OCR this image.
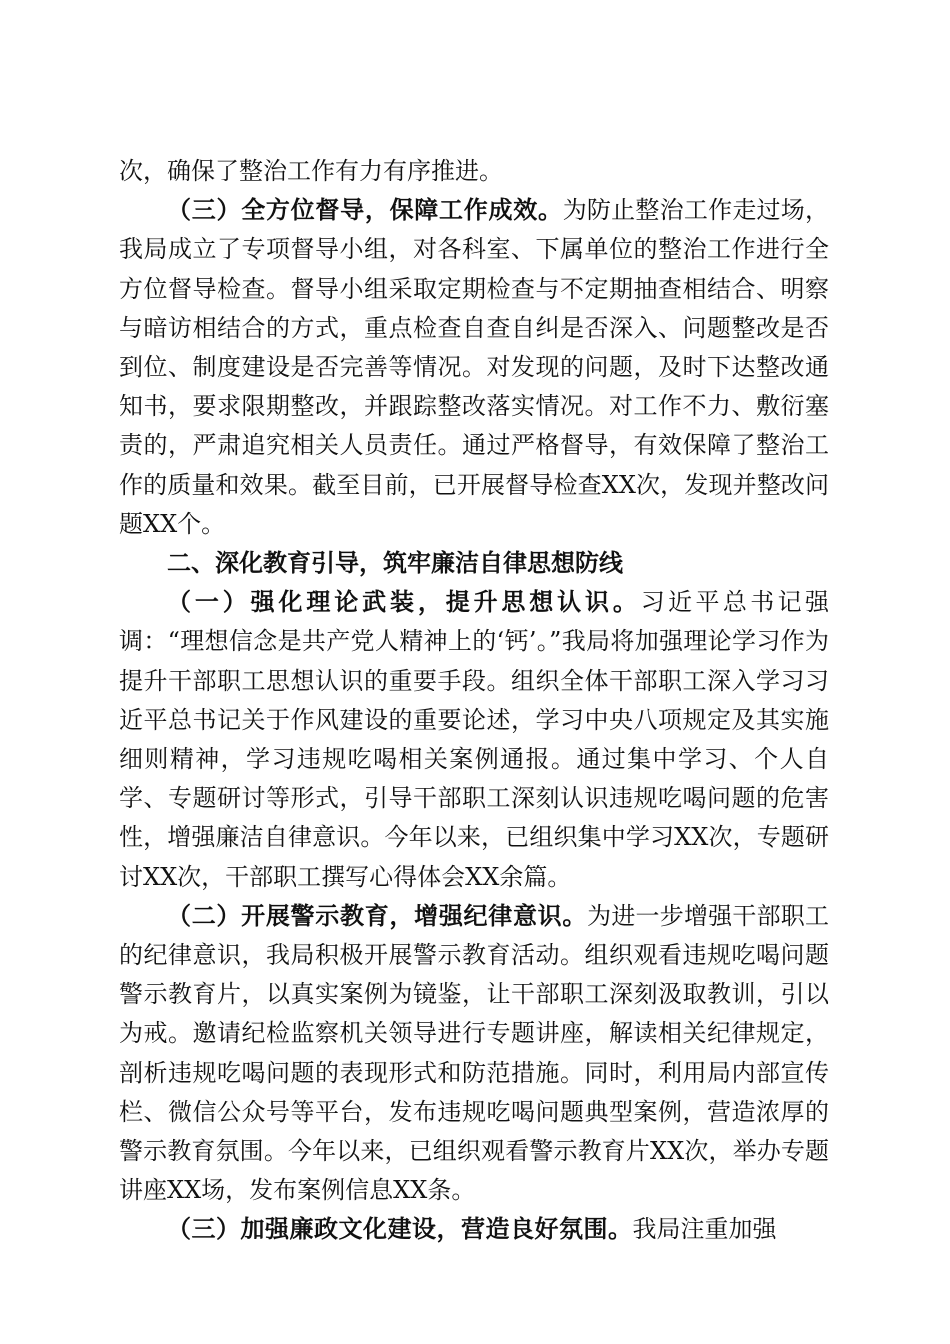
次，确保了整治工作有力有序推进。

（三）全方位督导，保障工作成效。为防止整治工作走过场，我局成立了专项督导小组，对各科室、下属单位的整治工作进行全方位督导检查。督导小组采取定期检查与不定期抽查相结合、明察与暗访相结合的方式，重点检查自查自纠是否深入、问题整改是否到位、制度建设是否完善等情况。对发现的问题，及时下达整改通知书，要求限期整改，并跟踪整改落实情况。对工作不力、敷衍塞责的，严肃追究相关人员责任。通过严格督导，有效保障了整治工作的质量和效果。截至目前，已开展督导检查XX次，发现并整改问题XX个。

二、深化教育引导，筑牢廉洁自律思想防线

（一）强化理论武装，提升思想认识。习近平总书记强调：“理想信念是共产党人精神上的‘钙’。”我局将加强理论学习作为提升干部职工思想认识的重要手段。组织全体干部职工深入学习习近平总书记关于作风建设的重要论述，学习中央八项规定及其实施细则精神，学习违规吃喝相关案例通报。通过集中学习、个人自学、专题研讨等形式，引导干部职工深刻认识违规吃喝问题的危害性，增强廉洁自律意识。今年以来，已组织集中学习XX次，专题研讨XX次，干部职工撰写心得体会XX余篇。

（二）开展警示教育，增强纪律意识。为进一步增强干部职工的纪律意识，我局积极开展警示教育活动。组织观看违规吃喝问题警示教育片，以真实案例为镜鉴，让干部职工深刻汲取教训，引以为戒。邀请纪检监察机关领导进行专题讲座，解读相关纪律规定，剖析违规吃喝问题的表现形式和防范措施。同时，利用局内部宣传栏、微信公众号等平台，发布违规吃喝问题典型案例，营造浓厚的警示教育氛围。今年以来，已组织观看警示教育片XX次，举办专题讲座XX场，发布案例信息XX条。

（三）加强廉政文化建设，营造良好氛围。我局注重加强
